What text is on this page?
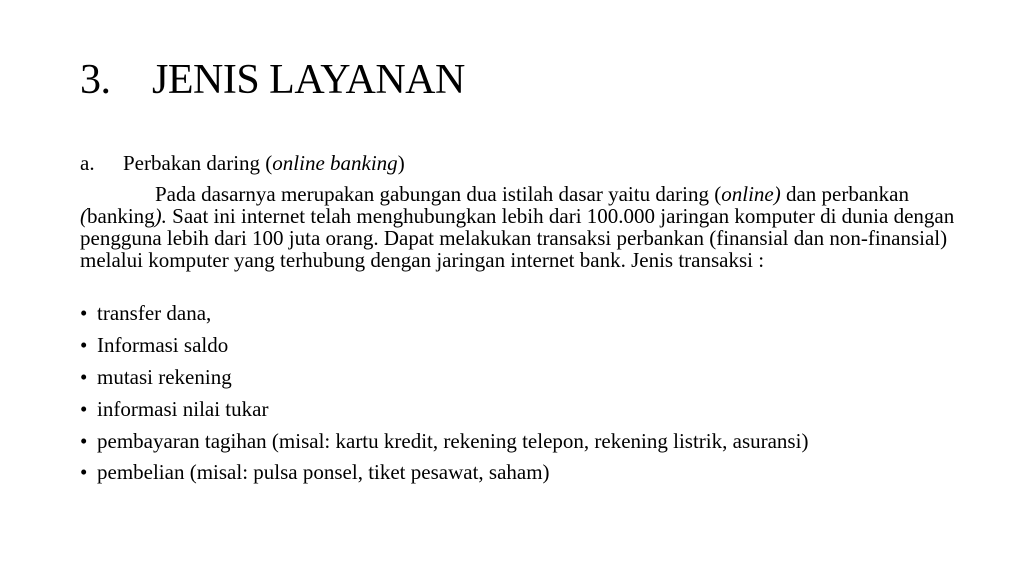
3. JENIS LAYANAN
a. Perbakan daring (online banking)
Pada dasarnya merupakan gabungan dua istilah dasar yaitu daring (online) dan perbankan (banking). Saat ini internet telah menghubungkan lebih dari 100.000 jaringan komputer di dunia dengan pengguna lebih dari 100 juta orang. Dapat melakukan transaksi perbankan (finansial dan non-finansial) melalui komputer yang terhubung dengan jaringan internet bank. Jenis transaksi :
• transfer dana,
• Informasi saldo
• mutasi rekening
• informasi nilai tukar
• pembayaran tagihan (misal: kartu kredit, rekening telepon, rekening listrik, asuransi)
• pembelian (misal: pulsa ponsel, tiket pesawat, saham)
